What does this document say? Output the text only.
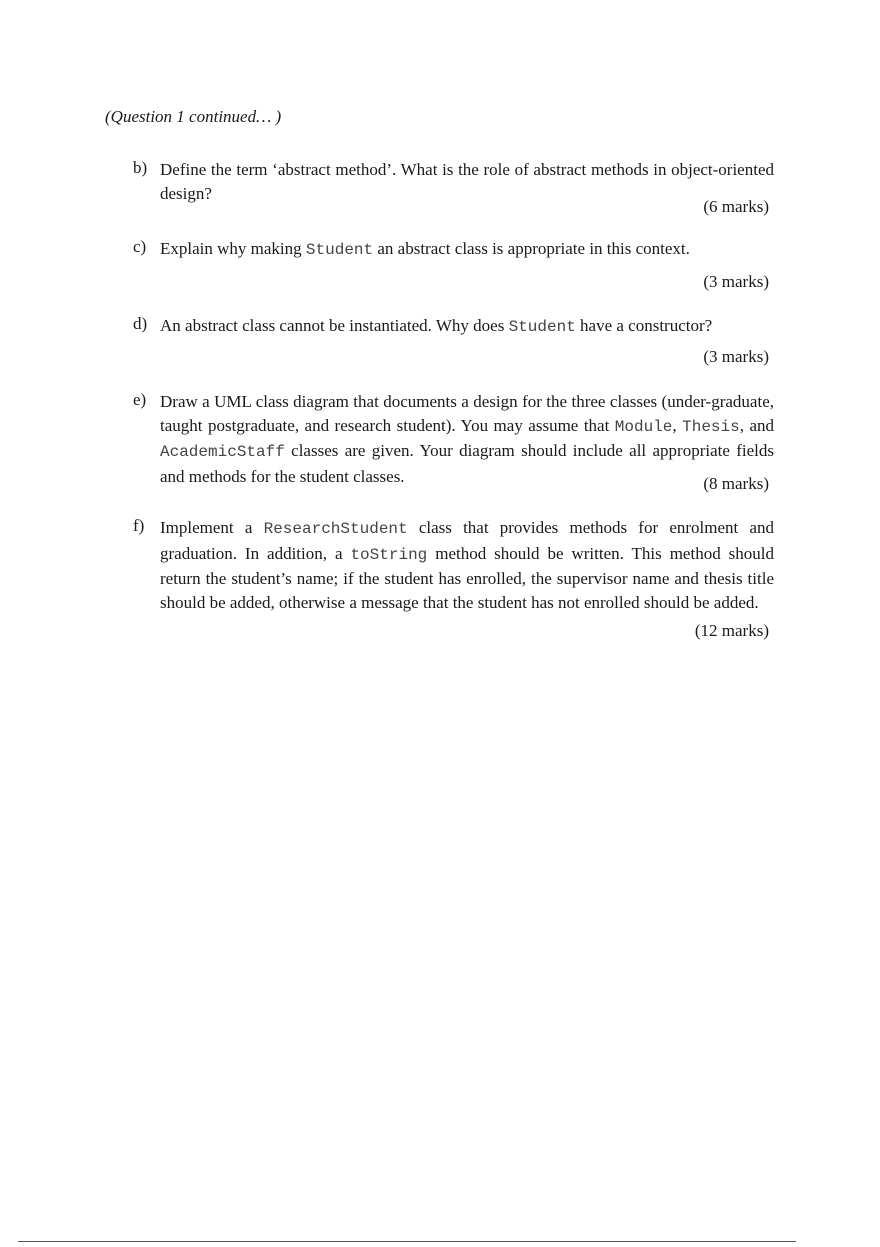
(Question 1 continued… )
b) Define the term ‘abstract method’. What is the role of abstract methods in object-oriented design?

(6 marks)
c) Explain why making Student an abstract class is appropriate in this context.

(3 marks)
d) An abstract class cannot be instantiated. Why does Student have a constructor?

(3 marks)
e) Draw a UML class diagram that documents a design for the three classes (under-graduate, taught postgraduate, and research student). You may assume that Module, Thesis, and AcademicStaff classes are given. Your diagram should include all appropriate fields and methods for the student classes.	(8 marks)
f) Implement a ResearchStudent class that provides methods for enrolment and graduation. In addition, a toString method should be written. This method should return the student’s name; if the student has enrolled, the supervisor name and thesis title should be added, otherwise a message that the student has not enrolled should be added.

(12 marks)
